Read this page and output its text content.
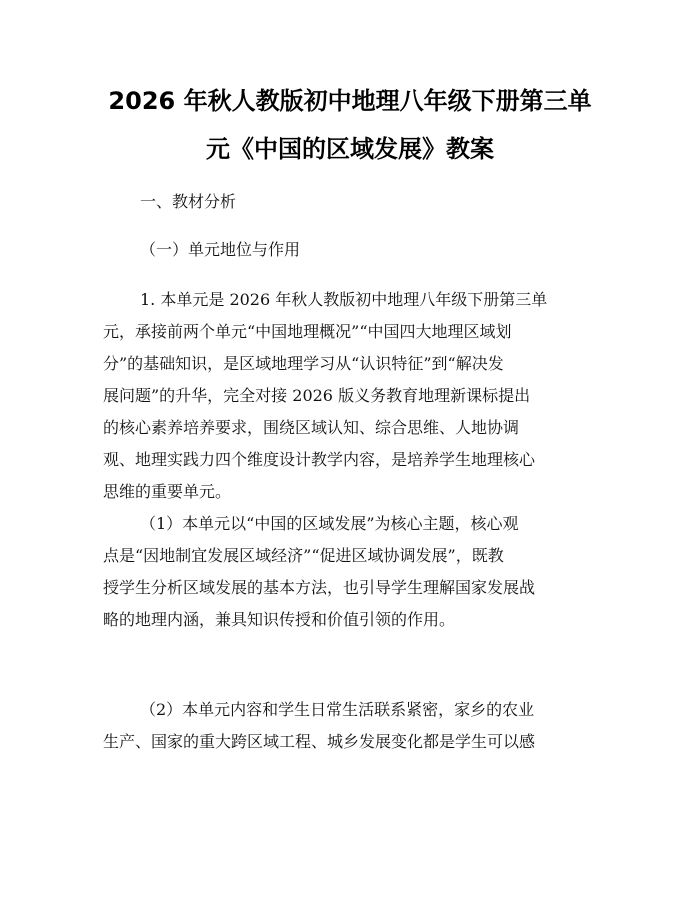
2026 年秋人教版初中地理八年级下册第三单
元《中国的区域发展》教案
一、教材分析
（一）单元地位与作用
1. 本单元是 2026 年秋人教版初中地理八年级下册第三单
元，承接前两个单元“中国地理概况”“中国四大地理区域划
分”的基础知识，是区域地理学习从“认识特征”到“解决发
展问题”的升华，完全对接 2026 版义务教育地理新课标提出
的核心素养培养要求，围绕区域认知、综合思维、人地协调
观、地理实践力四个维度设计教学内容，是培养学生地理核心
思维的重要单元。
（1）本单元以“中国的区域发展”为核心主题，核心观
点是“因地制宜发展区域经济”“促进区域协调发展”，既教
授学生分析区域发展的基本方法，也引导学生理解国家发展战
略的地理内涵，兼具知识传授和价值引领的作用。
（2）本单元内容和学生日常生活联系紧密，家乡的农业
生产、国家的重大跨区域工程、城乡发展变化都是学生可以感
